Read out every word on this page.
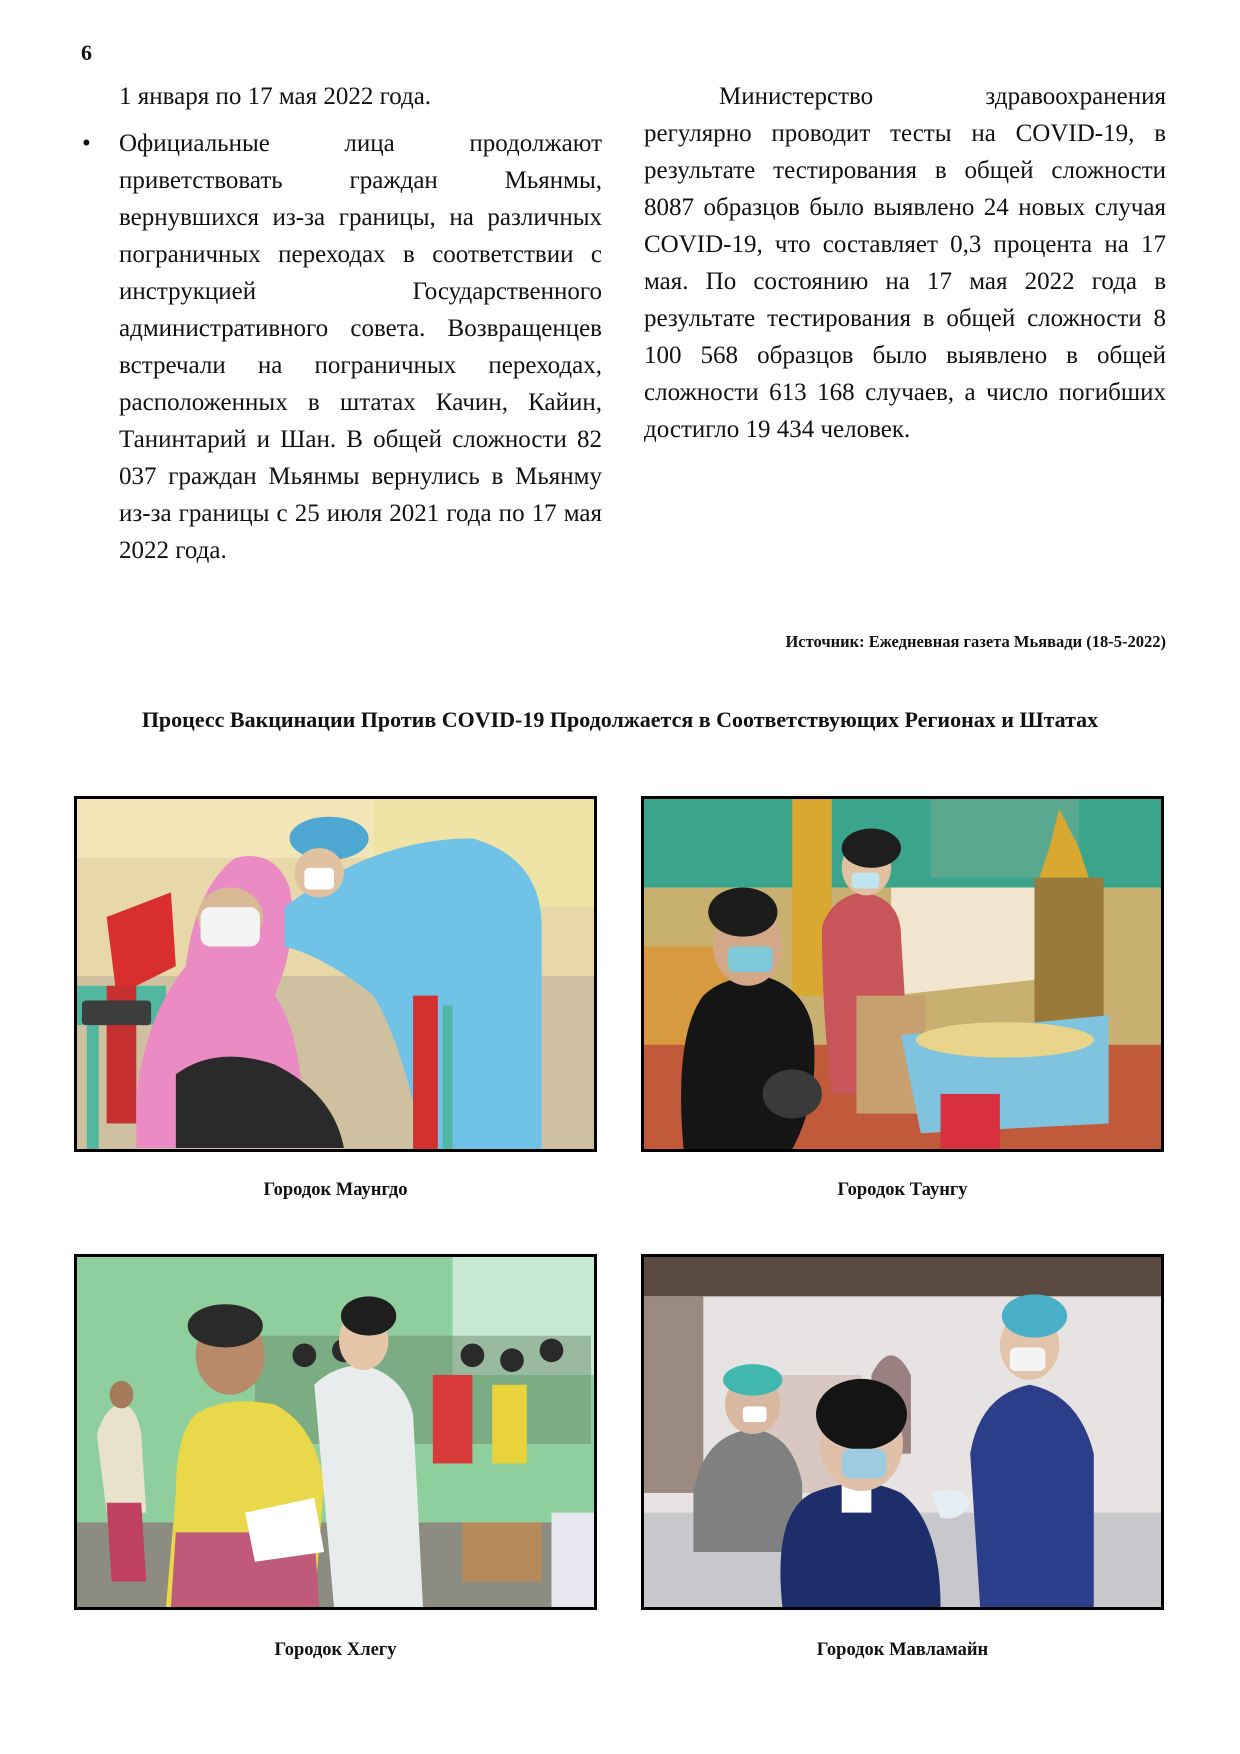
6

1 января по 17 мая 2022 года.

• Официальные лица продолжают приветствовать граждан Мьянмы, вернувшихся из-за границы, на различных пограничных переходах в соответствии с инструкцией Государственного административного совета. Возвращенцев встречали на пограничных переходах, расположенных в штатах Качин, Кайин, Танинтарий и Шан. В общей сложности 82 037 граждан Мьянмы вернулись в Мьянму из-за границы с 25 июля 2021 года по 17 мая 2022 года.

Министерство здравоохранения регулярно проводит тесты на COVID-19, в результате тестирования в общей сложности 8087 образцов было выявлено 24 новых случая COVID-19, что составляет 0,3 процента на 17 мая. По состоянию на 17 мая 2022 года в результате тестирования в общей сложности 8 100 568 образцов было выявлено в общей сложности 613 168 случаев, а число погибших достигло 19 434 человек.

Источник: Ежедневная газета Мьявади (18-5-2022)
Процесс Вакцинации Против COVID-19 Продолжается в Соответствующих Регионах и Штатах
Городок Маунгдо	Городок Таунгу
Городок Хлегу	Городок Мавламайн
